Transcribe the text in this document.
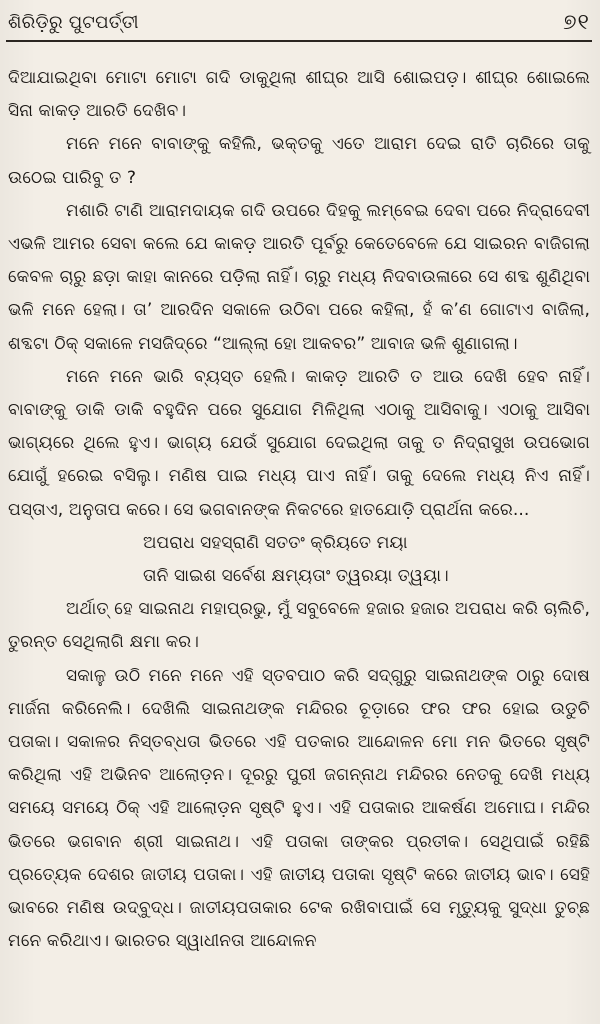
ଶିରିଡ଼ିରୁ ପୁଟପର୍ତ୍ତୀ	୭୧

ଦିଆଯାଇଥିବା ମୋଟା ମୋଟା ଗଦି ଡାକୁଥିଲା ଶୀଘ୍ର ଆସି ଶୋଇପଡ଼। ଶୀଘ୍ର ଶୋଇଲେ ସିନା କାକଡ଼ ଆରତି ଦେଖିବ।

ମନେ ମନେ ବାବାଙ୍କୁ କହିଲି, ଭକ୍ତକୁ ଏତେ ଆରାମ ଦେଇ ରାତି ଚାରିରେ ତାକୁ ଉଠେଇ ପାରିବୁ ତ ?

ମଶାରି ଟାଣି ଆରାମଦାୟକ ଗଦି ଉପରେ ଦିହକୁ ଲମ୍ବେଇ ଦେବା ପରେ ନିଦ୍ରାଦେବୀ ଏଭଳି ଆମର ସେବା କଲେ ଯେ କାକଡ଼ ଆରତି ପୂର୍ବରୁ କେତେବେଳେ ଯେ ସାଇରନ ବାଜିଗଲା କେବଳ ଚାରୁ ଛଡ଼ା କାହା କାନରେ ପଡ଼ିଲା ନାହିଁ। ଚାରୁ ମଧ୍ୟ ନିଦବାଉଳାରେ ସେ ଶବ୍ଦ ଶୁଣିଥିବା ଭଳି ମନେ ହେଲା। ତା’ ଆରଦିନ ସକାଳେ ଉଠିବା ପରେ କହିଲା, ହଁ କ’ଣ ଗୋଟାଏ ବାଜିଲା, ଶବ୍ଦଟା ଠିକ୍ ସକାଳେ ମସଜିଦ୍‌ରେ “ଆଲ୍ଲା ହୋ ଆକବର” ଆବାଜ ଭଳି ଶୁଣାଗଲା।

ମନେ ମନେ ଭାରି ବ୍ୟସ୍ତ ହେଲି। କାକଡ଼ ଆରତି ତ ଆଉ ଦେଖି ହେବ ନାହିଁ। ବାବାଙ୍କୁ ଡାକି ଡାକି ବହୁଦିନ ପରେ ସୁଯୋଗ ମିଳିଥିଲା ଏଠାକୁ ଆସିବାକୁ। ଏଠାକୁ ଆସିବା ଭାଗ୍ୟରେ ଥିଲେ ହୁଏ। ଭାଗ୍ୟ ଯେଉଁ ସୁଯୋଗ ଦେଇଥିଲା ତାକୁ ତ ନିଦ୍ରାସୁଖ ଉପଭୋଗ ଯୋଗୁଁ ହରେଇ ବସିଲୁ। ମଣିଷ ପାଇ ମଧ୍ୟ ପାଏ ନାହିଁ। ତାକୁ ଦେଲେ ମଧ୍ୟ ନିଏ ନାହିଁ। ପସ୍ତାଏ, ଅନୁତାପ କରେ। ସେ ଭଗବାନଙ୍କ ନିକଟରେ ହାତଯୋଡ଼ି ପ୍ରାର୍ଥନା କରେ...

ଅପରାଧ ସହସ୍ରାଣି ସତତଂ କ୍ରିୟତେ ମୟା

ତାନି ସାଇଶ ସର୍ବେଶ କ୍ଷମ୍ୟତାଂ ତ୍ୱରୟା ତ୍ୱୟା।

ଅର୍ଥାତ୍ ହେ ସାଇନାଥ ମହାପ୍ରଭୁ, ମୁଁ ସବୁବେଳେ ହଜାର ହଜାର ଅପରାଧ କରି ଚାଲିଚି, ତୁରନ୍ତ ସେଥିଲାଗି କ୍ଷମା କର।

ସକାଳୁ ଉଠି ମନେ ମନେ ଏହି ସ୍ତବପାଠ କରି ସଦ୍‌ଗୁରୁ ସାଇନାଥଙ୍କ ଠାରୁ ଦୋଷ ମାର୍ଜନା କରିନେଲି। ଦେଖିଲି ସାଇନାଥଙ୍କ ମନ୍ଦିରର ଚୂଡ଼ାରେ ଫର ଫର ହୋଇ ଉଡୁଚି ପତାକା। ସକାଳର ନିସ୍ତବ୍ଧତା ଭିତରେ ଏହି ପତକାର ଆନ୍ଦୋଳନ ମୋ ମନ ଭିତରେ ସୃଷ୍ଟି କରିଥିଲା ଏହି ଅଭିନବ ଆଲୋଡ଼ନ। ଦୂରରୁ ପୁରୀ ଜଗନ୍ନାଥ ମନ୍ଦିରର ନେତକୁ ଦେଖି ମଧ୍ୟ ସମୟେ ସମୟେ ଠିକ୍ ଏହି ଆଲୋଡ଼ନ ସୃଷ୍ଟି ହୁଏ। ଏହି ପତାକାର ଆକର୍ଷଣ ଅମୋଘ। ମନ୍ଦିର ଭିତରେ ଭଗବାନ ଶ୍ରୀ ସାଇନାଥ। ଏହି ପତାକା ତାଙ୍କର ପ୍ରତୀକ। ସେଥିପାଇଁ ରହିଛି ପ୍ରତ୍ୟେକ ଦେଶର ଜାତୀୟ ପତାକା। ଏହି ଜାତୀୟ ପତାକା ସୃଷ୍ଟି କରେ ଜାତୀୟ ଭାବ। ସେହି ଭାବରେ ମଣିଷ ଉଦ୍‌ବୁଦ୍ଧ। ଜାତୀୟପତାକାର ଟେକ ରଖିବାପାଇଁ ସେ ମୃତ୍ୟୁକୁ ସୁଦ୍ଧା ତୁଚ୍ଛ ମନେ କରିଥାଏ। ଭାରତର ସ୍ୱାଧୀନତା ଆନ୍ଦୋଳନ
